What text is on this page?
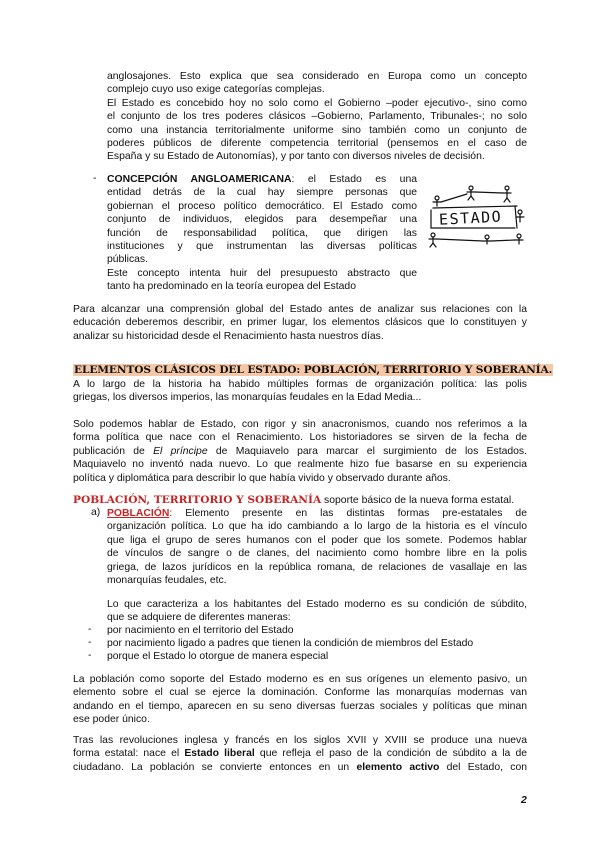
anglosajones. Esto explica que sea considerado en Europa como un concepto
complejo cuyo uso exige categorías complejas.
El Estado es concebido hoy no solo como el Gobierno –poder ejecutivo-, sino como
el conjunto de los tres poderes clásicos –Gobierno, Parlamento, Tribunales-; no solo
como una instancia territorialmente uniforme sino también como un conjunto de
poderes públicos de diferente competencia territorial (pensemos en el caso de
España y su Estado de Autonomías), y por tanto con diversos niveles de decisión.
- CONCEPCIÓN ANGLOAMERICANA: el Estado es una
entidad detrás de la cual hay siempre personas que
gobiernan el proceso político democrático. El Estado como
conjunto de individuos, elegidos para desempeñar una
función de responsabilidad política, que dirigen las
instituciones y que instrumentan las diversas políticas
públicas.
Este concepto intenta huir del presupuesto abstracto que
tanto ha predominado en la teoría europea del Estado
ESTADO
Para alcanzar una comprensión global del Estado antes de analizar sus relaciones con la
educación deberemos describir, en primer lugar, los elementos clásicos que lo constituyen y
analizar su historicidad desde el Renacimiento hasta nuestros días.
ELEMENTOS CLÁSICOS DEL ESTADO: POBLACIÓN, TERRITORIO Y SOBERANÍA.
A lo largo de la historia ha habido múltiples formas de organización política: las polis
griegas, los diversos imperios, las monarquías feudales en la Edad Media...
Solo podemos hablar de Estado, con rigor y sin anacronismos, cuando nos referimos a la
forma política que nace con el Renacimiento. Los historiadores se sirven de la fecha de
publicación de El príncipe de Maquiavelo para marcar el surgimiento de los Estados.
Maquiavelo no inventó nada nuevo. Lo que realmente hizo fue basarse en su experiencia
política y diplomática para describir lo que había vivido y observado durante años.
POBLACIÓN, TERRITORIO Y SOBERANÍA soporte básico de la nueva forma estatal.
a) POBLACIÓN: Elemento presente en las distintas formas pre-estatales de
organización política. Lo que ha ido cambiando a lo largo de la historia es el vínculo
que liga el grupo de seres humanos con el poder que los somete. Podemos hablar
de vínculos de sangre o de clanes, del nacimiento como hombre libre en la polis
griega, de lazos jurídicos en la república romana, de relaciones de vasallaje en las
monarquías feudales, etc.
Lo que caracteriza a los habitantes del Estado moderno es su condición de súbdito,
que se adquiere de diferentes maneras:
- por nacimiento en el territorio del Estado
- por nacimiento ligado a padres que tienen la condición de miembros del Estado
- porque el Estado lo otorgue de manera especial
La población como soporte del Estado moderno es en sus orígenes un elemento pasivo, un
elemento sobre el cual se ejerce la dominación. Conforme las monarquías modernas van
andando en el tiempo, aparecen en su seno diversas fuerzas sociales y políticas que minan
ese poder único.
Tras las revoluciones inglesa y francés en los siglos XVII y XVIII se produce una nueva
forma estatal: nace el Estado liberal que refleja el paso de la condición de súbdito a la de
ciudadano. La población se convierte entonces en un elemento activo del Estado, con
2
